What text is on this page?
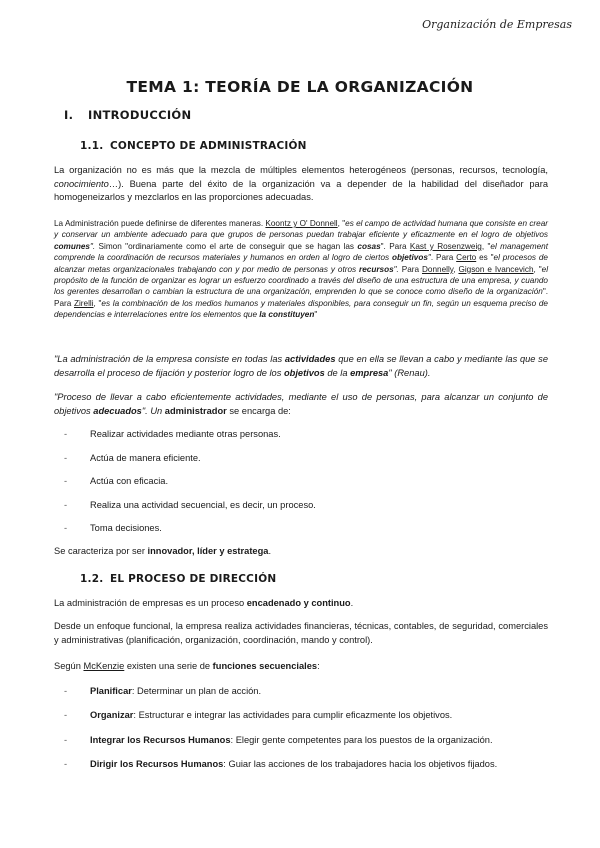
Organización de Empresas
TEMA 1: TEORÍA DE LA ORGANIZACIÓN
I. INTRODUCCIÓN
1.1. CONCEPTO DE ADMINISTRACIÓN
La organización no es más que la mezcla de múltiples elementos heterogéneos (personas, recursos, tecnología, conocimiento…). Buena parte del éxito de la organización va a depender de la habilidad del diseñador para homogeneizarlos y mezclarlos en las proporciones adecuadas.
La Administración puede definirse de diferentes maneras. Koontz y O' Donnell, "es el campo de actividad humana que consiste en crear y conservar un ambiente adecuado para que grupos de personas puedan trabajar eficiente y eficazmente en el logro de objetivos comunes". Simon "ordinariamente como el arte de conseguir que se hagan las cosas". Para Kast y Rosenzweig, "el management comprende la coordinación de recursos materiales y humanos en orden al logro de ciertos objetivos". Para Certo es "el procesos de alcanzar metas organizacionales trabajando con y por medio de personas y otros recursos". Para Donnelly, Gigson e Ivancevich, "el propósito de la función de organizar es lograr un esfuerzo coordinado a través del diseño de una estructura de una empresa, y cuando los gerentes desarrollan o cambian la estructura de una organización, emprenden lo que se conoce como diseño de la organización". Para Zirelli, "es la combinación de los medios humanos y materiales disponibles, para conseguir un fin, según un esquema preciso de dependencias e interrelaciones entre los elementos que la constituyen"
"La administración de la empresa consiste en todas las actividades que en ella se llevan a cabo y mediante las que se desarrolla el proceso de fijación y posterior logro de los objetivos de la empresa" (Renau).
"Proceso de llevar a cabo eficientemente actividades, mediante el uso de personas, para alcanzar un conjunto de objetivos adecuados". Un administrador se encarga de:
- Realizar actividades mediante otras personas.
- Actúa de manera eficiente.
- Actúa con eficacia.
- Realiza una actividad secuencial, es decir, un proceso.
- Toma decisiones.
Se caracteriza por ser innovador, líder y estratega.
1.2. EL PROCESO DE DIRECCIÓN
La administración de empresas es un proceso encadenado y continuo.
Desde un enfoque funcional, la empresa realiza actividades financieras, técnicas, contables, de seguridad, comerciales y administrativas (planificación, organización, coordinación, mando y control).
Según McKenzie existen una serie de funciones secuenciales:
- Planificar: Determinar un plan de acción.
- Organizar: Estructurar e integrar las actividades para cumplir eficazmente los objetivos.
- Integrar los Recursos Humanos: Elegir gente competentes para los puestos de la organización.
- Dirigir los Recursos Humanos: Guiar las acciones de los trabajadores hacia los objetivos fijados.
